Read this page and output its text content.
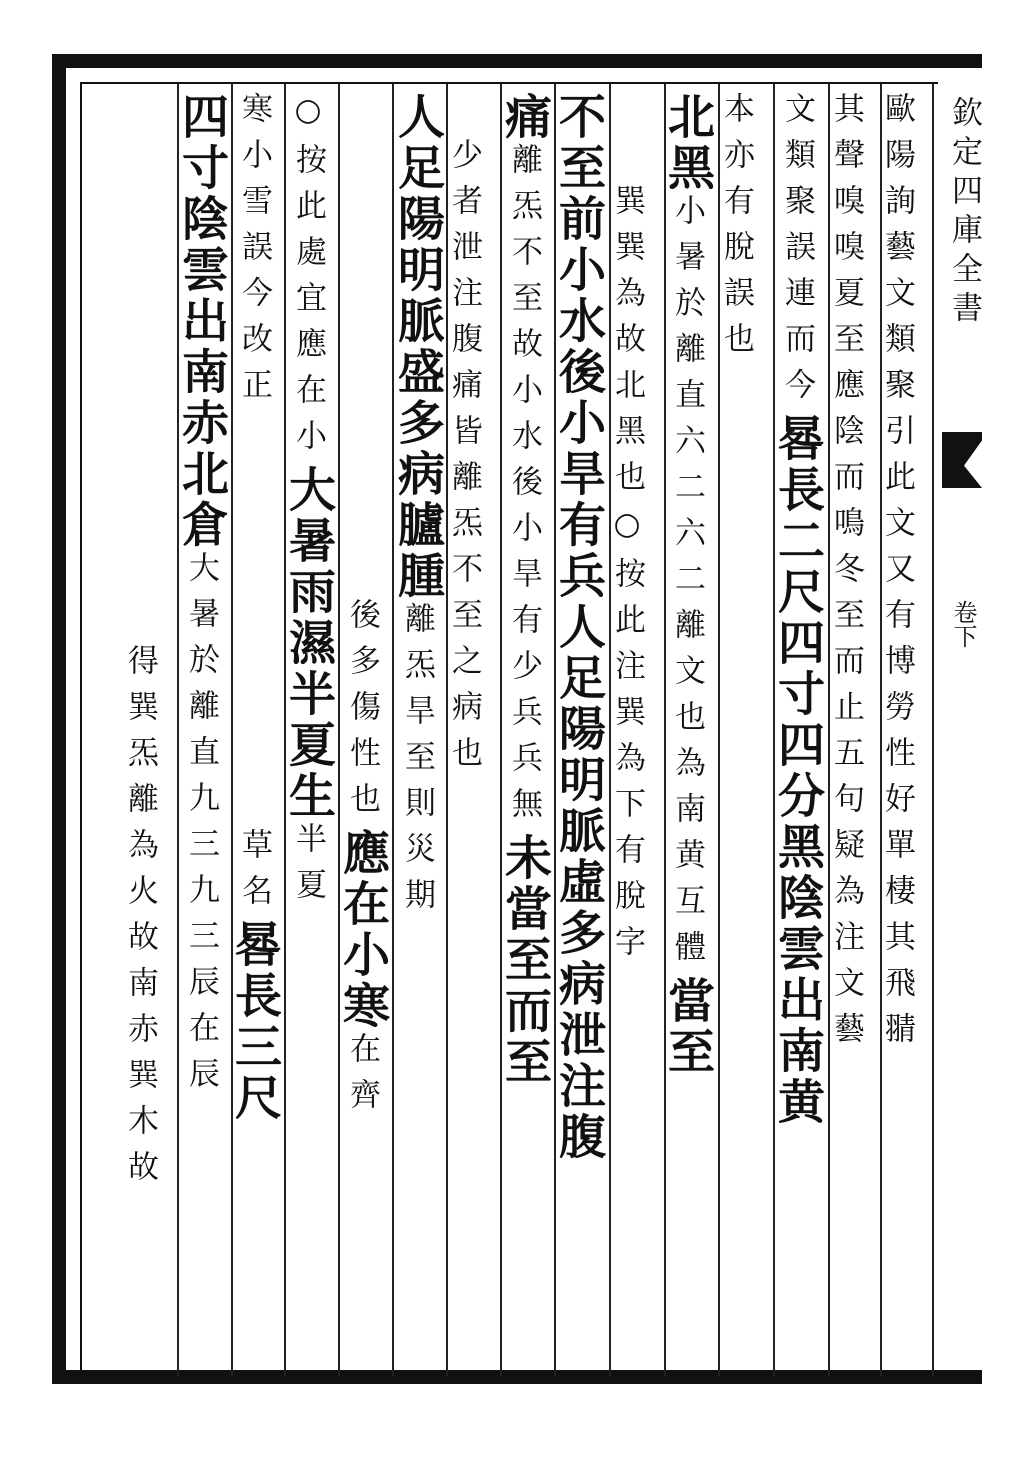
欽定四庫全書
卷下
歐陽詢藝文類聚引此文又有博勞性好單棲其飛𦑊
其聲嗅嗅夏至應陰而鳴冬至而止五句疑為注文藝
文類聚誤連而今晷長二尺四寸四分黑陰雲出南黄
本亦有脫誤也
北黑小暑於離直六二六二離文也為南黄互體當至
　　巽巽為故北黑也○按此注巽為下有脫字
不至前小水後小旱有兵人足陽明脈虛多病泄注腹
痛離炁不至故小水後小旱有少兵兵無未當至而至
　少者泄注腹痛皆離炁不至之病也
人足陽明脈盛多病臚腫離炁旱至則災期
　　　　　　　　　　　後多傷性也應在小寒在齊
○按此處宜應在小大暑雨濕半夏生半夏
寒小雪誤今改正　　　　　　　　　草名晷長三尺
四寸陰雲出南赤北倉大暑於離直九三九三辰在辰
　　　　　　　　　　　　得巽炁離為火故南赤巽木故
